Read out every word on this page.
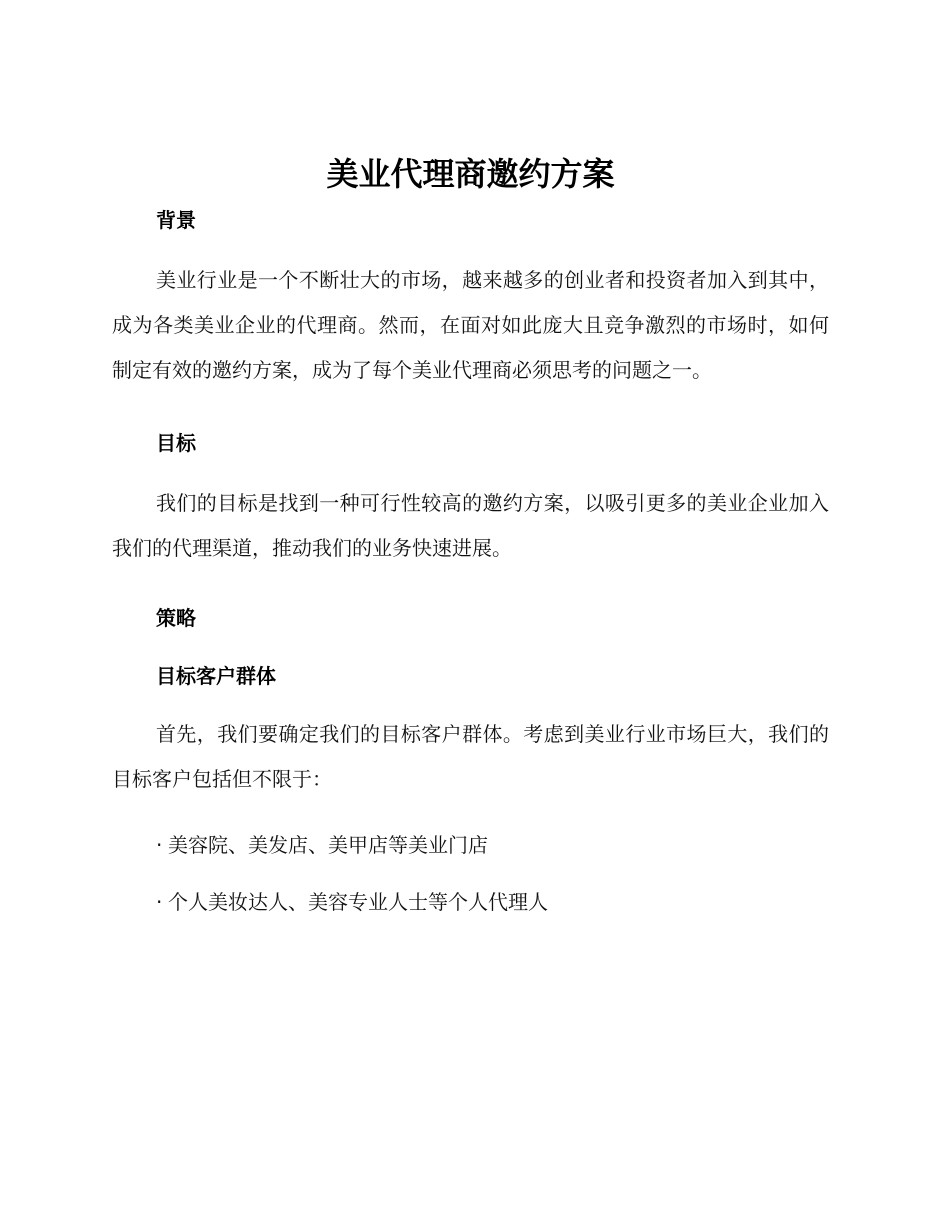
美业代理商邀约方案
背景

美业行业是一个不断壮大的市场，越来越多的创业者和投资者加入到其中，成为各类美业企业的代理商。然而，在面对如此庞大且竞争激烈的市场时，如何制定有效的邀约方案，成为了每个美业代理商必须思考的问题之一。

目标

我们的目标是找到一种可行性较高的邀约方案，以吸引更多的美业企业加入我们的代理渠道，推动我们的业务快速进展。

策略
目标客户群体

首先，我们要确定我们的目标客户群体。考虑到美业行业市场巨大，我们的目标客户包括但不限于：

· 美容院、美发店、美甲店等美业门店

· 个人美妆达人、美容专业人士等个人代理人
